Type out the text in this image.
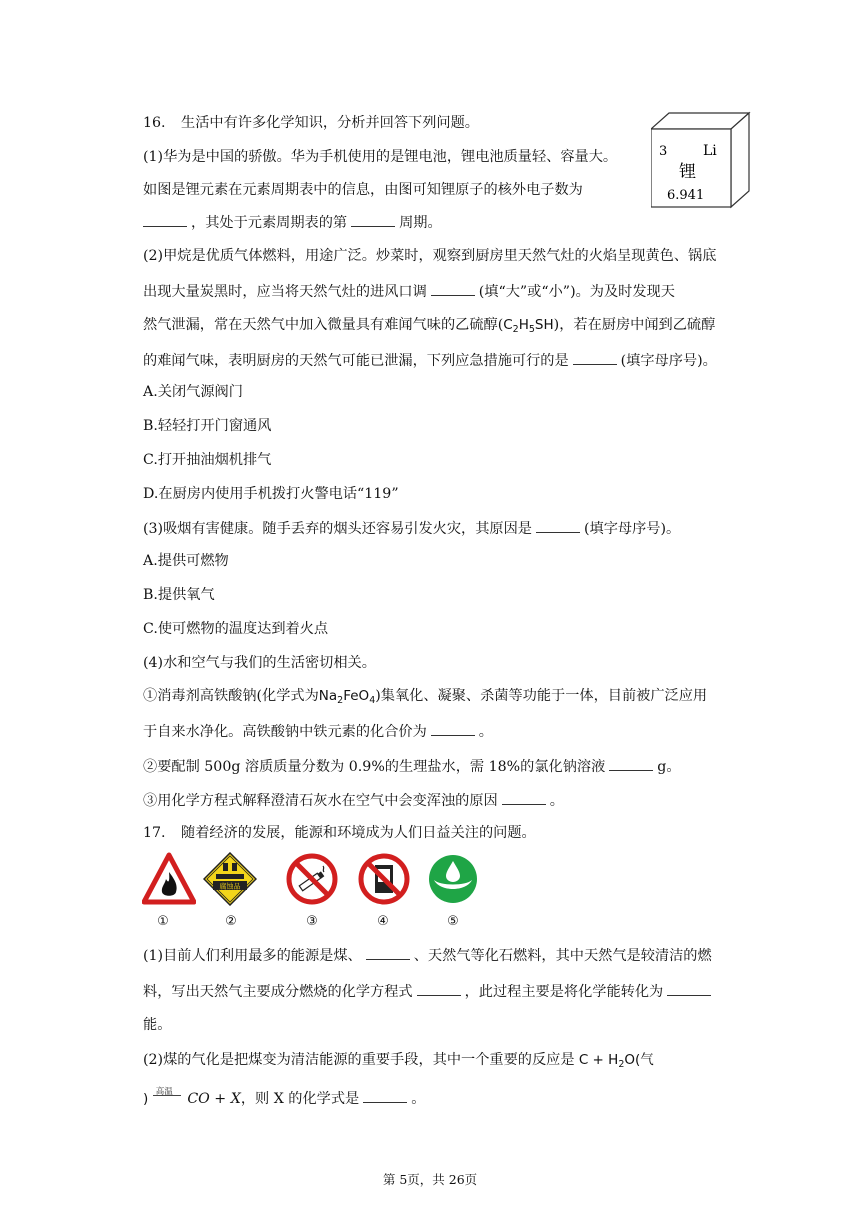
16. 生活中有许多化学知识，分析并回答下列问题。
(1)华为是中国的骄傲。华为手机使用的是锂电池，锂电池质量轻、容量大。
如图是锂元素在元素周期表中的信息，由图可知锂原子的核外电子数为
，其处于元素周期表的第	周期。
3	Li
锂
6.941
(2)甲烷是优质气体燃料，用途广泛。炒菜时，观察到厨房里天然气灶的火焰呈现黄色、锅底
出现大量炭黑时，应当将天然气灶的进风口调	(填“大”或“小”)。为及时发现天
然气泄漏，常在天然气中加入微量具有难闻气味的乙硫醇$(C_2H_5SH)$，若在厨房中闻到乙硫醇
的难闻气味，表明厨房的天然气可能已泄漏，下列应急措施可行的是	(填字母序号)。
A.关闭气源阀门
B.轻轻打开门窗通风
C.打开抽油烟机排气
D.在厨房内使用手机拨打火警电话“119”
(3)吸烟有害健康。随手丢弃的烟头还容易引发火灾，其原因是	(填字母序号)。
A.提供可燃物
B.提供氧气
C.使可燃物的温度达到着火点
(4)水和空气与我们的生活密切相关。
①消毒剂高铁酸钠(化学式为$Na_2FeO_4$)集氧化、凝聚、杀菌等功能于一体，目前被广泛应用
于自来水净化。高铁酸钠中铁元素的化合价为	。
②要配制 500g 溶质质量分数为 0.9%的生理盐水，需 18%的氯化钠溶液	g。
③用化学方程式解释澄清石灰水在空气中会变浑浊的原因	。
17. 随着经济的发展，能源和环境成为人们日益关注的问题。
腐蚀品
①	②	③	④	⑤
(1)目前人们利用最多的能源是煤、	、天然气等化石燃料，其中天然气是较清洁的燃
料，写出天然气主要成分燃烧的化学方程式	，此过程主要是将化学能转化为
能。
(2)煤的气化是把煤变为清洁能源的重要手段，其中一个重要的反应是 $C + H_2O$(气
) 高温 CO + X，则 X 的化学式是	。
第 5页，共 26页
